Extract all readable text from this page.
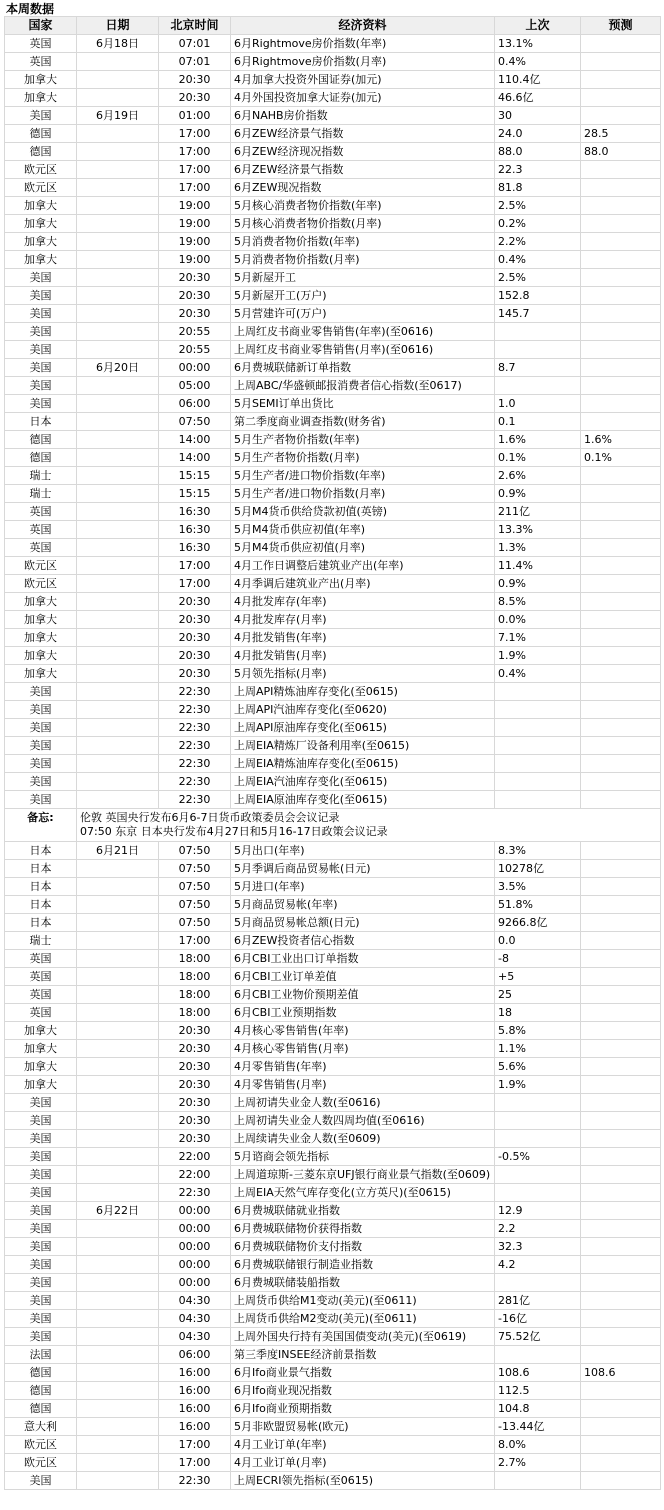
本周数据
国家	日期	北京时间	经济资料	上次	预测
英国	6月18日	07:01	6月Rightmove房价指数(年率)	13.1%	
英国		07:01	6月Rightmove房价指数(月率)	0.4%	
加拿大		20:30	4月加拿大投资外国证券(加元)	110.4亿	
加拿大		20:30	4月外国投资加拿大证券(加元)	46.6亿	
美国	6月19日	01:00	6月NAHB房价指数	30	
德国		17:00	6月ZEW经济景气指数	24.0	28.5
德国		17:00	6月ZEW经济现况指数	88.0	88.0
欧元区		17:00	6月ZEW经济景气指数	22.3	
欧元区		17:00	6月ZEW现况指数	81.8	
加拿大		19:00	5月核心消费者物价指数(年率)	2.5%	
加拿大		19:00	5月核心消费者物价指数(月率)	0.2%	
加拿大		19:00	5月消费者物价指数(年率)	2.2%	
加拿大		19:00	5月消费者物价指数(月率)	0.4%	
美国		20:30	5月新屋开工	2.5%	
美国		20:30	5月新屋开工(万户)	152.8	
美国		20:30	5月营建许可(万户)	145.7	
美国		20:55	上周红皮书商业零售销售(年率)(至0616)		
美国		20:55	上周红皮书商业零售销售(月率)(至0616)		
美国	6月20日	00:00	6月费城联储新订单指数	8.7	
美国		05:00	上周ABC/华盛顿邮报消费者信心指数(至0617)		
美国		06:00	5月SEMI订单出货比	1.0	
日本		07:50	第二季度商业调查指数(财务省)	0.1	
德国		14:00	5月生产者物价指数(年率)	1.6%	1.6%
德国		14:00	5月生产者物价指数(月率)	0.1%	0.1%
瑞士		15:15	5月生产者/进口物价指数(年率)	2.6%	
瑞士		15:15	5月生产者/进口物价指数(月率)	0.9%	
英国		16:30	5月M4货币供给贷款初值(英镑)	211亿	
英国		16:30	5月M4货币供应初值(年率)	13.3%	
英国		16:30	5月M4货币供应初值(月率)	1.3%	
欧元区		17:00	4月工作日调整后建筑业产出(年率)	11.4%	
欧元区		17:00	4月季调后建筑业产出(月率)	0.9%	
加拿大		20:30	4月批发库存(年率)	8.5%	
加拿大		20:30	4月批发库存(月率)	0.0%	
加拿大		20:30	4月批发销售(年率)	7.1%	
加拿大		20:30	4月批发销售(月率)	1.9%	
加拿大		20:30	5月领先指标(月率)	0.4%	
美国		22:30	上周API精炼油库存变化(至0615)		
美国		22:30	上周API汽油库存变化(至0620)		
美国		22:30	上周API原油库存变化(至0615)		
美国		22:30	上周EIA精炼厂设备利用率(至0615)		
美国		22:30	上周EIA精炼油库存变化(至0615)		
美国		22:30	上周EIA汽油库存变化(至0615)		
美国		22:30	上周EIA原油库存变化(至0615)		
备忘:	伦敦 英国央行发布6月6-7日货币政策委员会会议记录
07:50 东京 日本央行发布4月27日和5月16-17日政策会议记录				

日本	6月21日	07:50	5月出口(年率)	8.3%	
日本		07:50	5月季调后商品贸易帐(日元)	10278亿	
日本		07:50	5月进口(年率)	3.5%	
日本		07:50	5月商品贸易帐(年率)	51.8%	
日本		07:50	5月商品贸易帐总额(日元)	9266.8亿	
瑞士		17:00	6月ZEW投资者信心指数	0.0	
英国		18:00	6月CBI工业出口订单指数	-8	
英国		18:00	6月CBI工业订单差值	+5	
英国		18:00	6月CBI工业物价预期差值	25	
英国		18:00	6月CBI工业预期指数	18	
加拿大		20:30	4月核心零售销售(年率)	5.8%	
加拿大		20:30	4月核心零售销售(月率)	1.1%	
加拿大		20:30	4月零售销售(年率)	5.6%	
加拿大		20:30	4月零售销售(月率)	1.9%	
美国		20:30	上周初请失业金人数(至0616)		
美国		20:30	上周初请失业金人数四周均值(至0616)		
美国		20:30	上周续请失业金人数(至0609)		
美国		22:00	5月谘商会领先指标	-0.5%	
美国		22:00	上周道琼斯-三菱东京UFJ银行商业景气指数(至0609)		
美国		22:30	上周EIA天然气库存变化(立方英尺)(至0615)		
美国	6月22日	00:00	6月费城联储就业指数	12.9	
美国		00:00	6月费城联储物价获得指数	2.2	
美国		00:00	6月费城联储物价支付指数	32.3	
美国		00:00	6月费城联储银行制造业指数	4.2	
美国		00:00	6月费城联储装船指数		
美国		04:30	上周货币供给M1变动(美元)(至0611)	281亿	
美国		04:30	上周货币供给M2变动(美元)(至0611)	-16亿	
美国		04:30	上周外国央行持有美国国债变动(美元)(至0619)	75.52亿	
法国		06:00	第三季度INSEE经济前景指数		
德国		16:00	6月Ifo商业景气指数	108.6	108.6
德国		16:00	6月Ifo商业现况指数	112.5	
德国		16:00	6月Ifo商业预期指数	104.8	
意大利		16:00	5月非欧盟贸易帐(欧元)	-13.44亿	
欧元区		17:00	4月工业订单(年率)	8.0%	
欧元区		17:00	4月工业订单(月率)	2.7%	
美国		22:30	上周ECRI领先指标(至0615)		
